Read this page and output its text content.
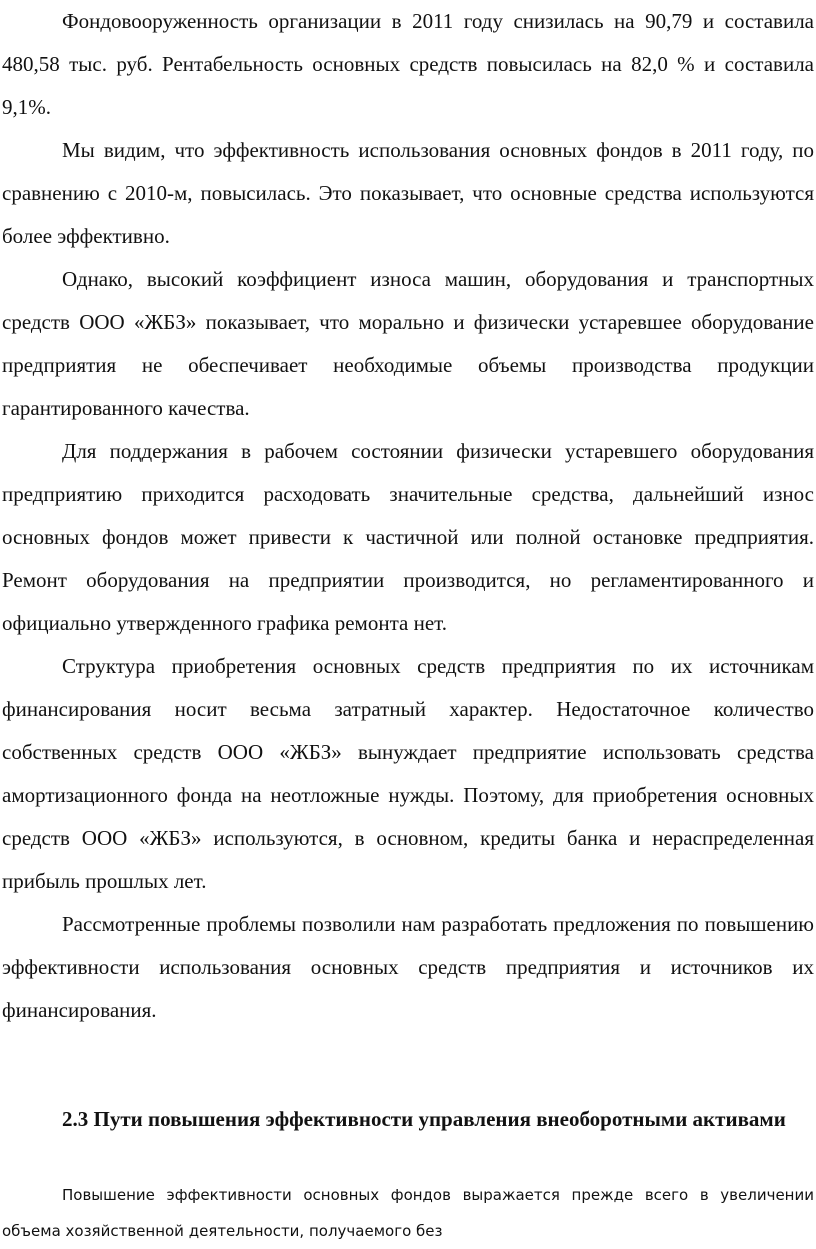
Фондовооруженность организации в 2011 году снизилась на 90,79 и составила 480,58 тыс. руб. Рентабельность основных средств повысилась на 82,0 % и составила 9,1%.

Мы видим, что эффективность использования основных фондов в 2011 году, по сравнению с 2010-м, повысилась. Это показывает, что основные средства используются более эффективно.

Однако, высокий коэффициент износа машин, оборудования и транспортных средств ООО «ЖБЗ» показывает, что морально и физически устаревшее оборудование предприятия не обеспечивает необходимые объемы производства продукции гарантированного качества.

Для поддержания в рабочем состоянии физически устаревшего оборудования предприятию приходится расходовать значительные средства, дальнейший износ основных фондов может привести к частичной или полной остановке предприятия. Ремонт оборудования на предприятии производится, но регламентированного и официально утвержденного графика ремонта нет.

Структура приобретения основных средств предприятия по их источникам финансирования носит весьма затратный характер. Недостаточное количество собственных средств ООО «ЖБЗ» вынуждает предприятие использовать средства амортизационного фонда на неотложные нужды. Поэтому, для приобретения основных средств ООО «ЖБЗ» используются, в основном, кредиты банка и нераспределенная прибыль прошлых лет.

Рассмотренные проблемы позволили нам разработать предложения по повышению эффективности использования основных средств предприятия и источников их финансирования.

2.3 Пути повышения эффективности управления внеоборотными активами

Повышение эффективности основных фондов выражается прежде всего в увеличении объема хозяйственной деятельности, получаемого без
